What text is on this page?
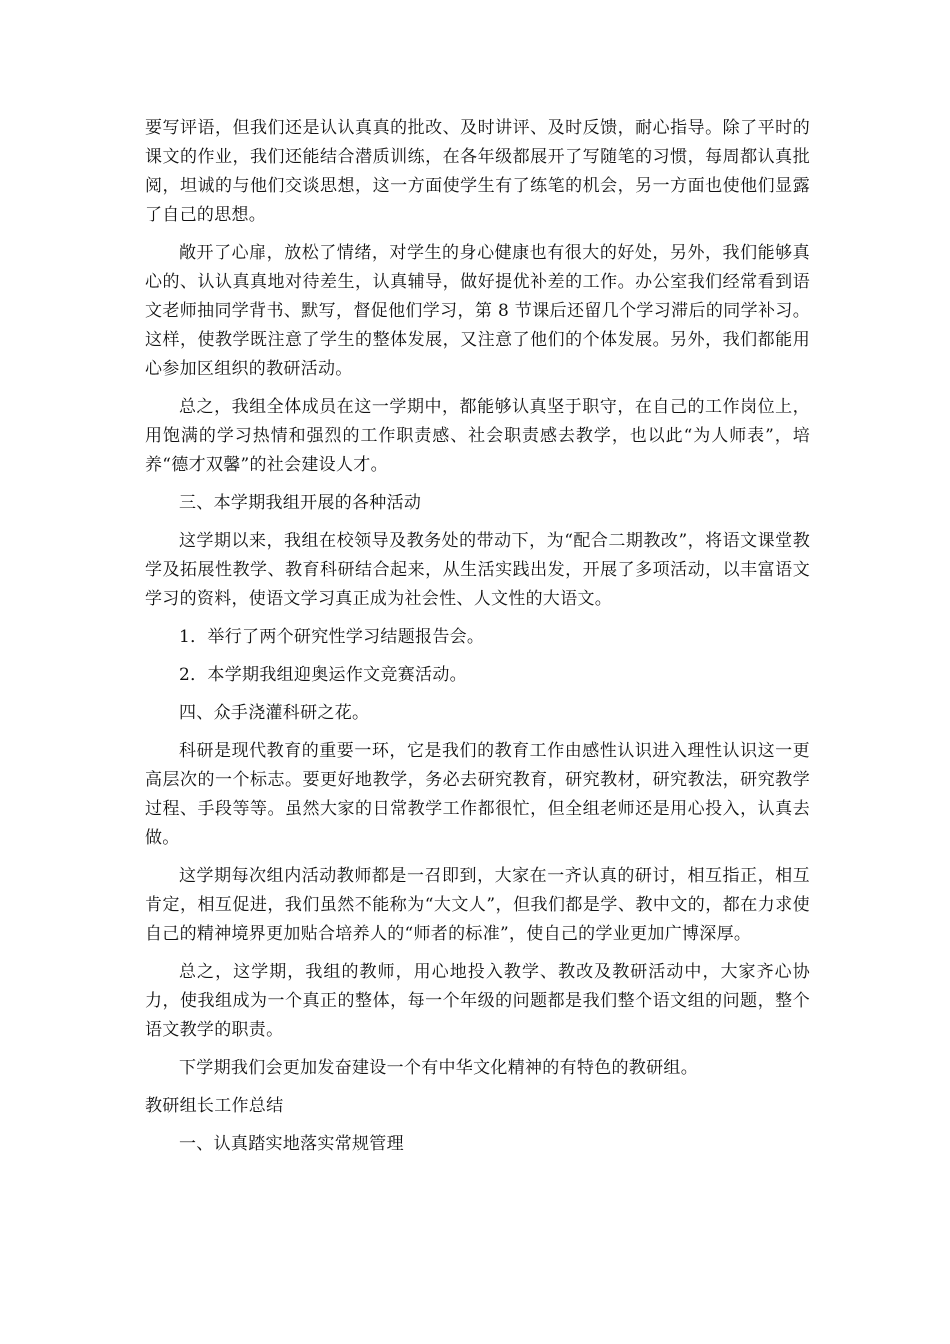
要写评语，但我们还是认认真真的批改、及时讲评、及时反馈，耐心指导。除了平时的课文的作业，我们还能结合潜质训练，在各年级都展开了写随笔的习惯，每周都认真批阅，坦诚的与他们交谈思想，这一方面使学生有了练笔的机会，另一方面也使他们显露了自己的思想。

敞开了心扉，放松了情绪，对学生的身心健康也有很大的好处，另外，我们能够真心的、认认真真地对待差生，认真辅导，做好提优补差的工作。办公室我们经常看到语文老师抽同学背书、默写，督促他们学习，第 8 节课后还留几个学习滞后的同学补习。这样，使教学既注意了学生的整体发展，又注意了他们的个体发展。另外，我们都能用心参加区组织的教研活动。

总之，我组全体成员在这一学期中，都能够认真坚于职守，在自己的工作岗位上，用饱满的学习热情和强烈的工作职责感、社会职责感去教学，也以此“为人师表”，培养“德才双馨”的社会建设人才。

三、本学期我组开展的各种活动

这学期以来，我组在校领导及教务处的带动下，为“配合二期教改”，将语文课堂教学及拓展性教学、教育科研结合起来，从生活实践出发，开展了多项活动，以丰富语文学习的资料，使语文学习真正成为社会性、人文性的大语文。

1．举行了两个研究性学习结题报告会。

2．本学期我组迎奥运作文竞赛活动。

四、众手浇灌科研之花。

科研是现代教育的重要一环，它是我们的教育工作由感性认识进入理性认识这一更高层次的一个标志。要更好地教学，务必去研究教育，研究教材，研究教法，研究教学过程、手段等等。虽然大家的日常教学工作都很忙，但全组老师还是用心投入，认真去做。

这学期每次组内活动教师都是一召即到，大家在一齐认真的研讨，相互指正，相互肯定，相互促进，我们虽然不能称为“大文人”，但我们都是学、教中文的，都在力求使自己的精神境界更加贴合培养人的“师者的标准”，使自己的学业更加广博深厚。

总之，这学期，我组的教师，用心地投入教学、教改及教研活动中，大家齐心协力，使我组成为一个真正的整体，每一个年级的问题都是我们整个语文组的问题，整个语文教学的职责。

下学期我们会更加发奋建设一个有中华文化精神的有特色的教研组。

教研组长工作总结

一、认真踏实地落实常规管理
